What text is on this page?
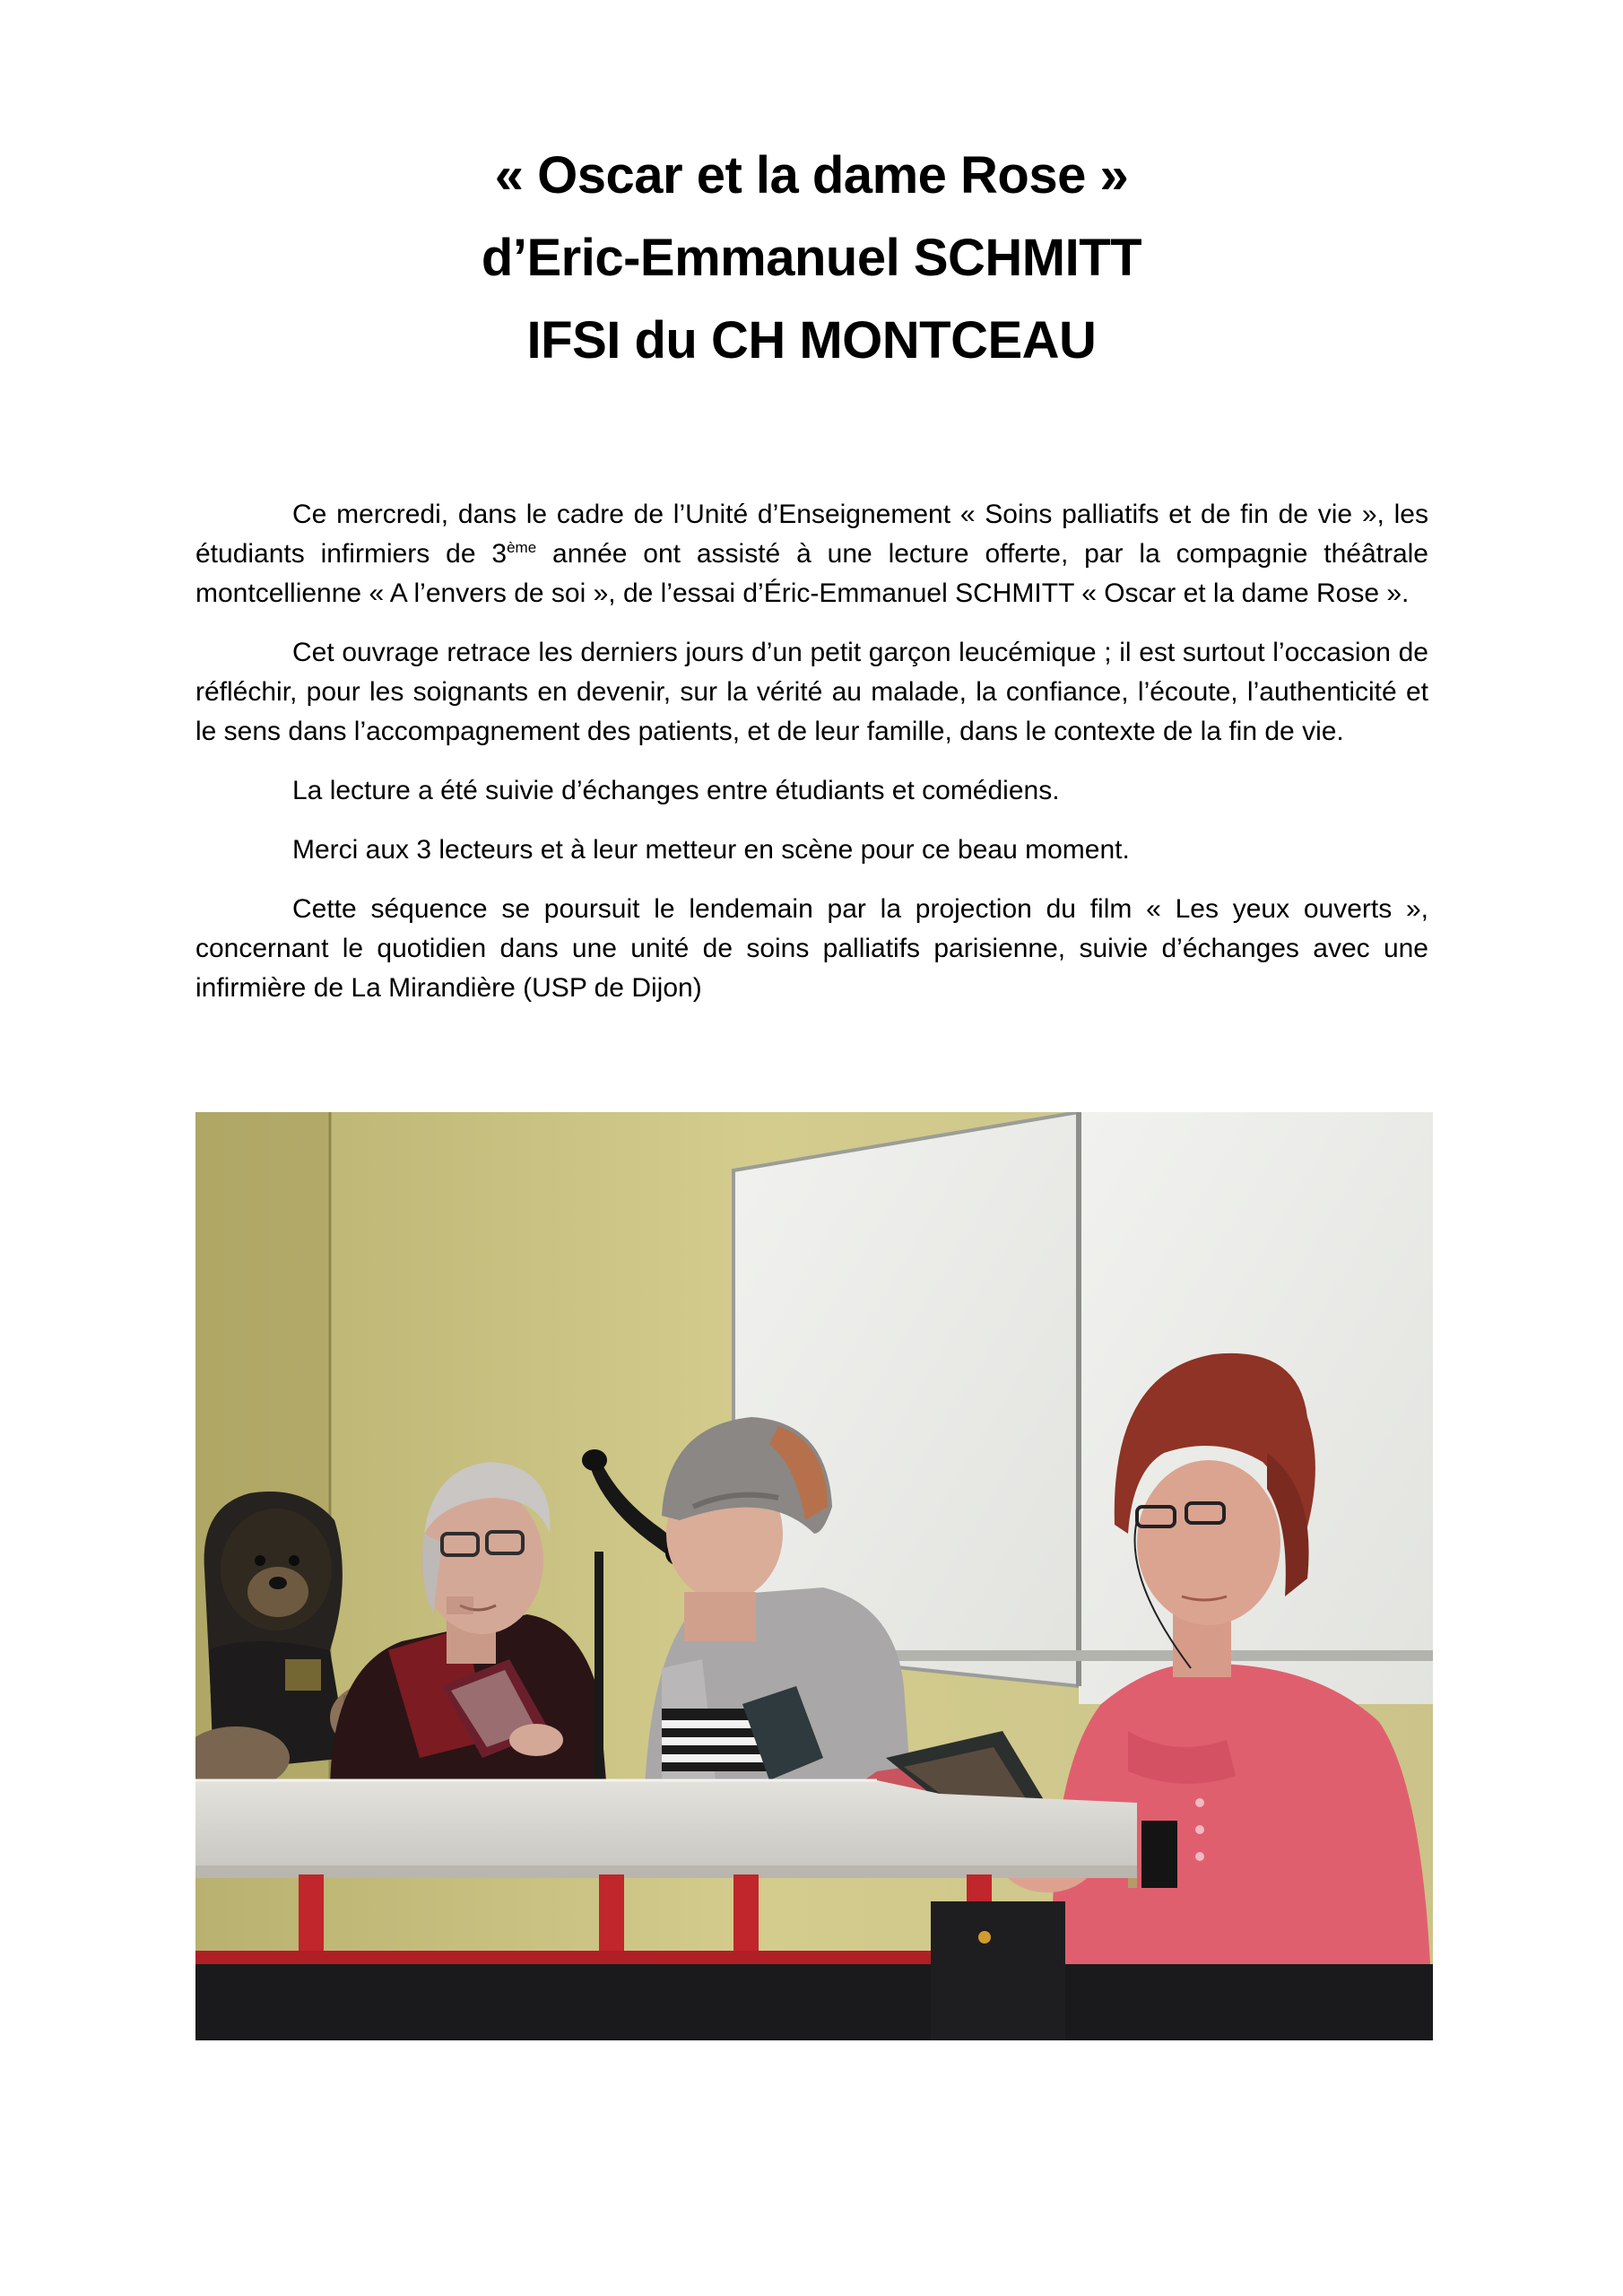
« Oscar et la dame Rose »

d’Eric-Emmanuel SCHMITT

IFSI du CH MONTCEAU

Ce mercredi, dans le cadre de l’Unité d’Enseignement « Soins palliatifs et de fin de vie », les étudiants infirmiers de 3ème année ont assisté à une lecture offerte, par la compagnie théâtrale montcellienne « A l’envers de soi », de l’essai d’Éric-Emmanuel SCHMITT « Oscar et la dame Rose ».

Cet ouvrage retrace les derniers jours d’un petit garçon leucémique ; il est surtout l’occasion de réfléchir, pour les soignants en devenir, sur la vérité au malade, la confiance, l’écoute, l’authenticité et le sens dans l’accompagnement des patients, et de leur famille, dans le contexte de la fin de vie.

La lecture a été suivie d’échanges entre étudiants et comédiens.

Merci aux 3 lecteurs et à leur metteur en scène pour ce beau moment.

Cette séquence se poursuit le lendemain par la projection du film « Les yeux ouverts », concernant le quotidien dans une unité de soins palliatifs parisienne, suivie d’échanges avec une infirmière de La Mirandière (USP de Dijon)
